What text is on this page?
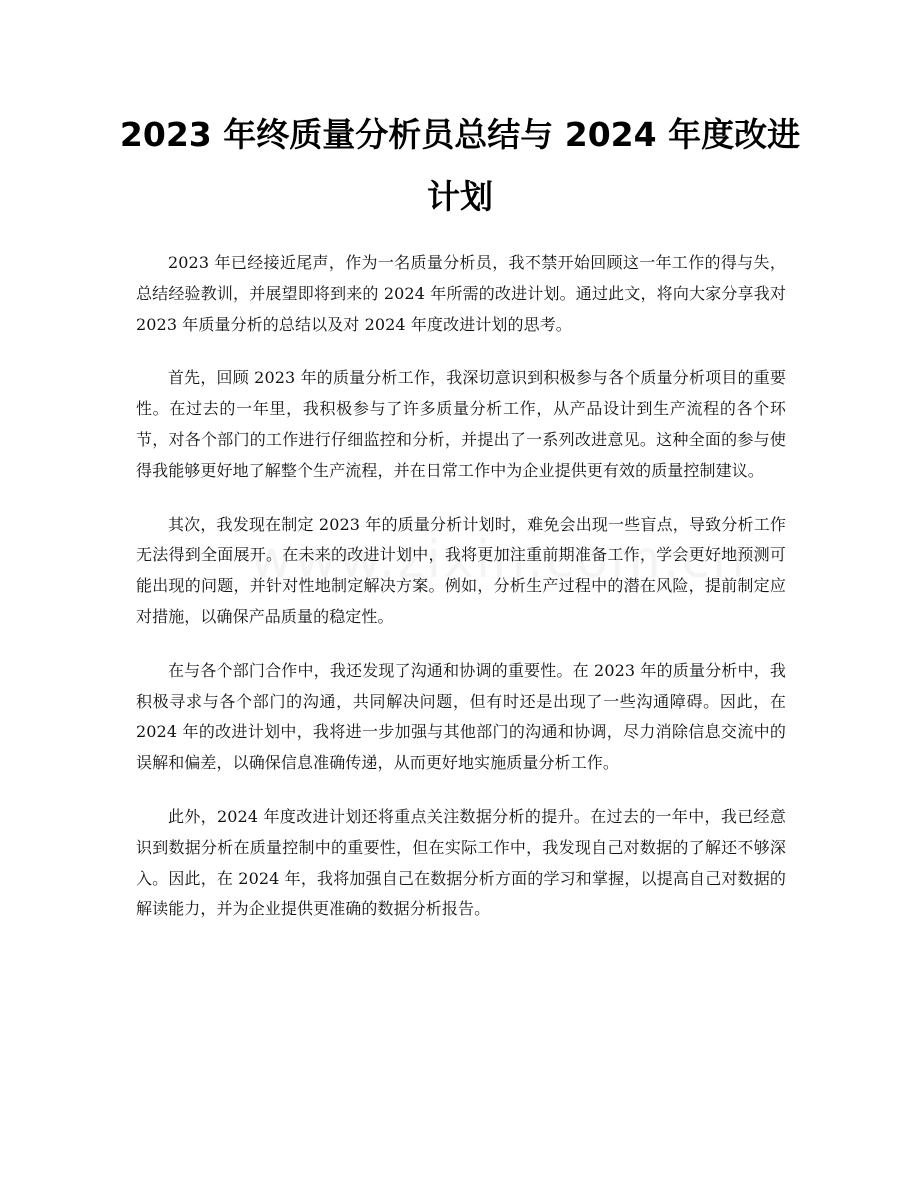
2023 年终质量分析员总结与 2024 年度改进
计划

2023 年已经接近尾声，作为一名质量分析员，我不禁开始回顾这一年工作的得与失，总结经验教训，并展望即将到来的 2024 年所需的改进计划。通过此文，将向大家分享我对 2023 年质量分析的总结以及对 2024 年度改进计划的思考。

首先，回顾 2023 年的质量分析工作，我深切意识到积极参与各个质量分析项目的重要性。在过去的一年里，我积极参与了许多质量分析工作，从产品设计到生产流程的各个环节，对各个部门的工作进行仔细监控和分析，并提出了一系列改进意见。这种全面的参与使得我能够更好地了解整个生产流程，并在日常工作中为企业提供更有效的质量控制建议。

其次，我发现在制定 2023 年的质量分析计划时，难免会出现一些盲点，导致分析工作无法得到全面展开。在未来的改进计划中，我将更加注重前期准备工作，学会更好地预测可能出现的问题，并针对性地制定解决方案。例如，分析生产过程中的潜在风险，提前制定应对措施，以确保产品质量的稳定性。

在与各个部门合作中，我还发现了沟通和协调的重要性。在 2023 年的质量分析中，我积极寻求与各个部门的沟通，共同解决问题，但有时还是出现了一些沟通障碍。因此，在 2024 年的改进计划中，我将进一步加强与其他部门的沟通和协调，尽力消除信息交流中的误解和偏差，以确保信息准确传递，从而更好地实施质量分析工作。

此外，2024 年度改进计划还将重点关注数据分析的提升。在过去的一年中，我已经意识到数据分析在质量控制中的重要性，但在实际工作中，我发现自己对数据的了解还不够深入。因此，在 2024 年，我将加强自己在数据分析方面的学习和掌握，以提高自己对数据的解读能力，并为企业提供更准确的数据分析报告。
